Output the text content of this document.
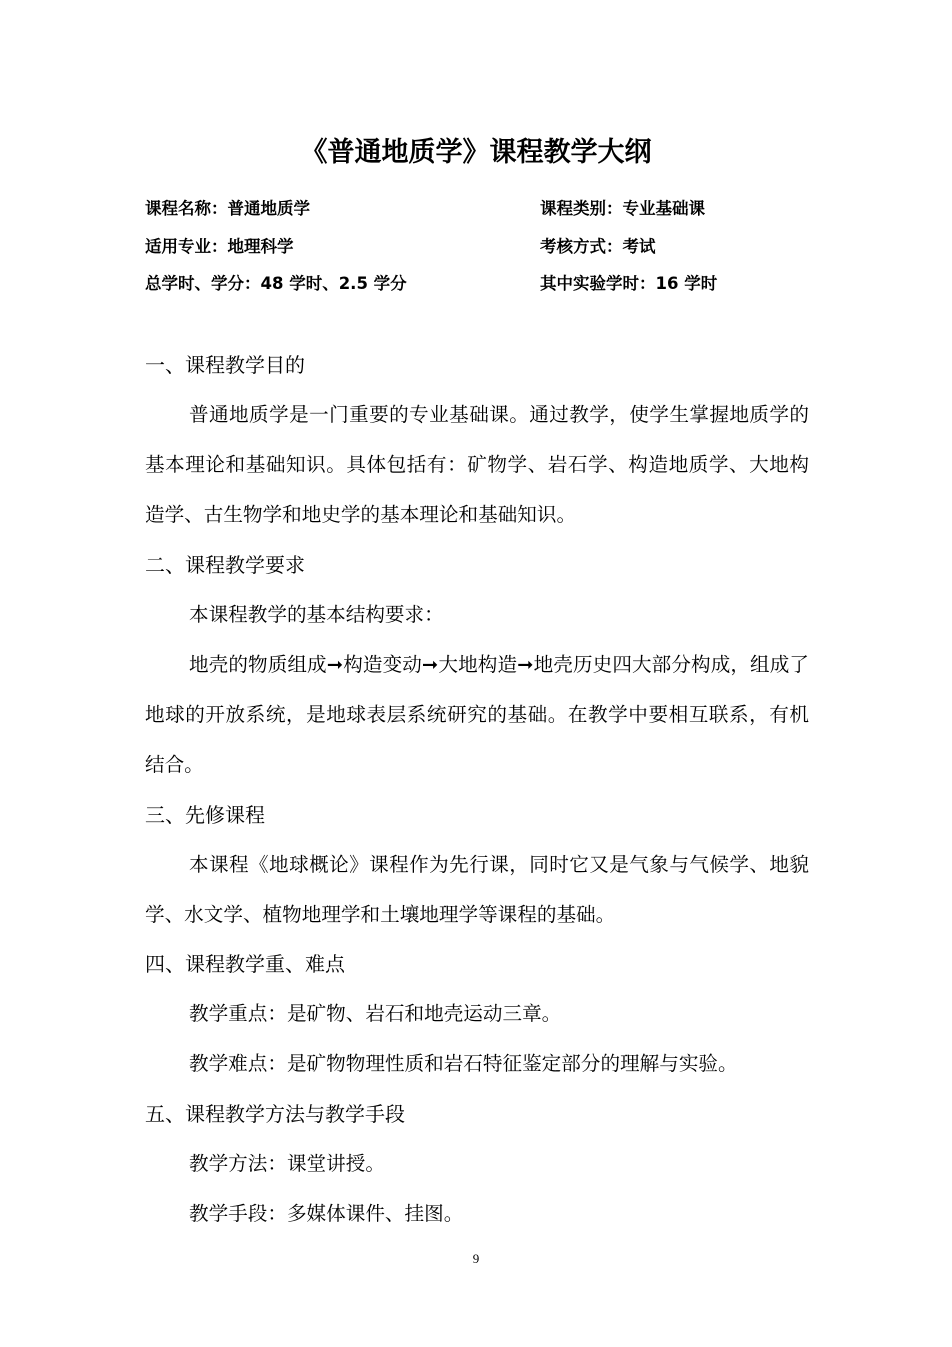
《普通地质学》课程教学大纲
课程名称：普通地质学	课程类别：专业基础课
适用专业：地理科学	考核方式：考试
总学时、学分：48 学时、2.5 学分	其中实验学时：16 学时
一、课程教学目的

普通地质学是一门重要的专业基础课。通过教学，使学生掌握地质学的基本理论和基础知识。具体包括有：矿物学、岩石学、构造地质学、大地构造学、古生物学和地史学的基本理论和基础知识。

二、课程教学要求

本课程教学的基本结构要求：

地壳的物质组成➞构造变动➞大地构造➞地壳历史四大部分构成，组成了地球的开放系统，是地球表层系统研究的基础。在教学中要相互联系，有机结合。

三、先修课程

本课程《地球概论》课程作为先行课，同时它又是气象与气候学、地貌学、水文学、植物地理学和土壤地理学等课程的基础。

四、课程教学重、难点

教学重点：是矿物、岩石和地壳运动三章。

教学难点：是矿物物理性质和岩石特征鉴定部分的理解与实验。

五、课程教学方法与教学手段

教学方法：课堂讲授。

教学手段：多媒体课件、挂图。

9
